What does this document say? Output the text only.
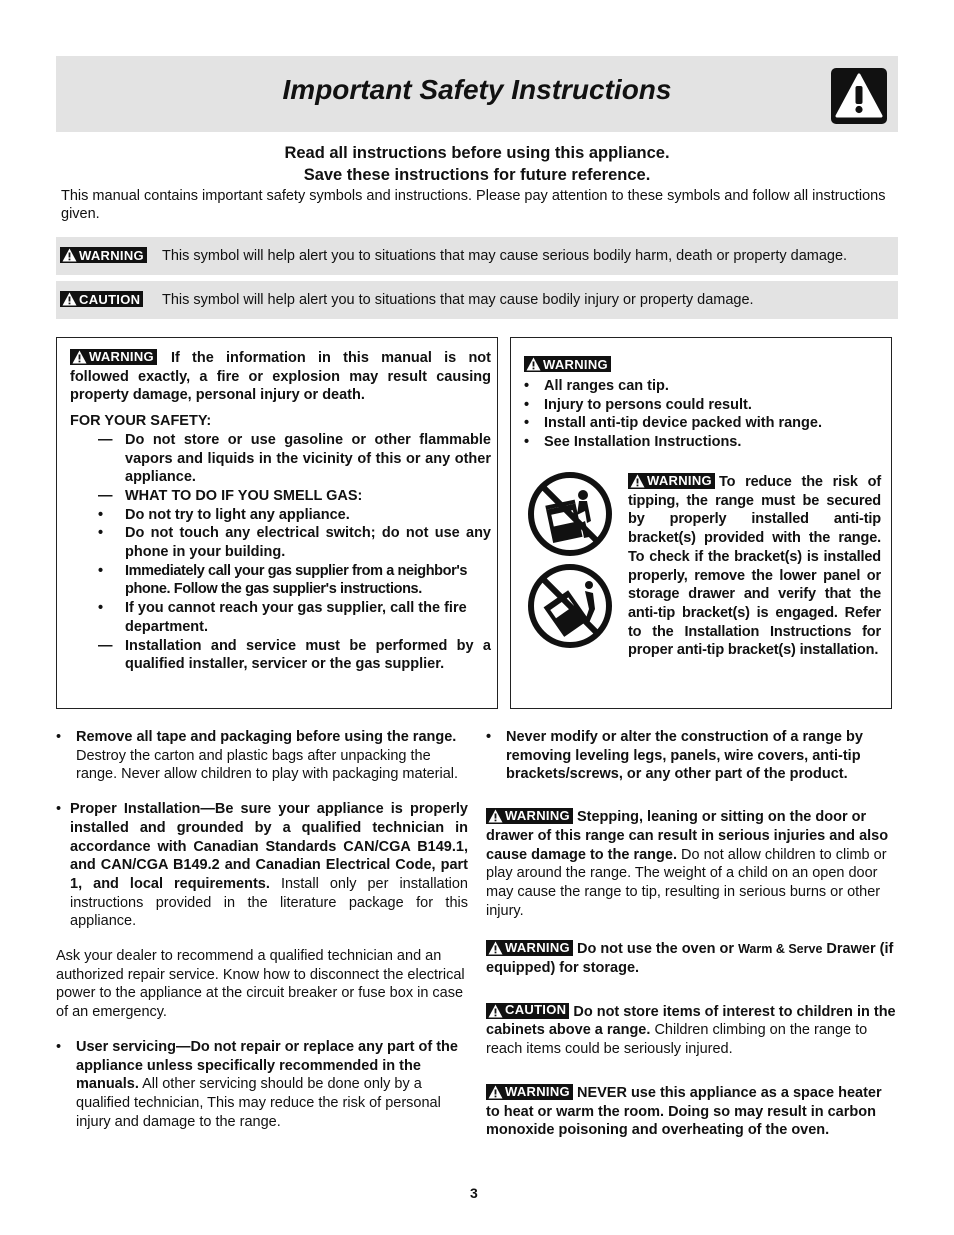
Important Safety Instructions
Read all instructions before using this appliance.
Save these instructions for future reference.
This manual contains important safety symbols and instructions. Please pay attention to these symbols and follow all instructions given.
WARNING This symbol will help alert you to situations that may cause serious bodily harm, death or property damage.
CAUTION This symbol will help alert you to situations that may cause bodily injury or property damage.

WARNING If the information in this manual is not followed exactly, a fire or explosion may result causing property damage, personal injury or death.

FOR YOUR SAFETY:

— Do not store or use gasoline or other flammable vapors and liquids in the vicinity of this or any other appliance.
— WHAT TO DO IF YOU SMELL GAS:
•	Do not try to light any appliance.
•	Do not touch any electrical switch; do not use any phone in your building.
•	Immediately call your gas supplier from a neighbor's phone. Follow the gas supplier's instructions.
•	If you cannot reach your gas supplier, call the fire department.
— Installation and service must be performed by a qualified installer, servicer or the gas supplier.
WARNING
•	All ranges can tip.
•	Injury to persons could result.
•	Install anti-tip device packed with range.
•	See Installation Instructions.
WARNING To reduce the risk of tipping, the range must be secured by properly installed anti-tip bracket(s) provided with the range. To check if the bracket(s) is installed properly, remove the lower panel or storage drawer and verify that the anti-tip bracket(s) is engaged. Refer to the Installation Instructions for proper anti-tip bracket(s) installation.
•	Remove all tape and packaging before using the range. Destroy the carton and plastic bags after unpacking the range. Never allow children to play with packaging material.

• Proper Installation—Be sure your appliance is properly installed and grounded by a qualified technician in accordance with Canadian Standards CAN/CGA B149.1, and CAN/CGA B149.2 and Canadian Electrical Code, part 1, and local requirements. Install only per installation instructions provided in the literature package for this appliance.

Ask your dealer to recommend a qualified technician and an authorized repair service. Know how to disconnect the electrical power to the appliance at the circuit breaker or fuse box in case of an emergency.

•	User servicing—Do not repair or replace any part of the appliance unless specifically recommended in the manuals. All other servicing should be done only by a qualified technician, This may reduce the risk of personal injury and damage to the range.

•	Never modify or alter the construction of a range by removing leveling legs, panels, wire covers, anti-tip brackets/screws, or any other part of the product.

WARNING Stepping, leaning or sitting on the door or drawer of this range can result in serious injuries and also cause damage to the range. Do not allow children to climb or play around the range. The weight of a child on an open door may cause the range to tip, resulting in serious burns or other injury.

WARNING Do not use the oven or Warm & Serve Drawer (if equipped) for storage.

CAUTION Do not store items of interest to children in the cabinets above a range. Children climbing on the range to reach items could be seriously injured.

WARNING NEVER use this appliance as a space heater to heat or warm the room. Doing so may result in carbon monoxide poisoning and overheating of the oven.

3
